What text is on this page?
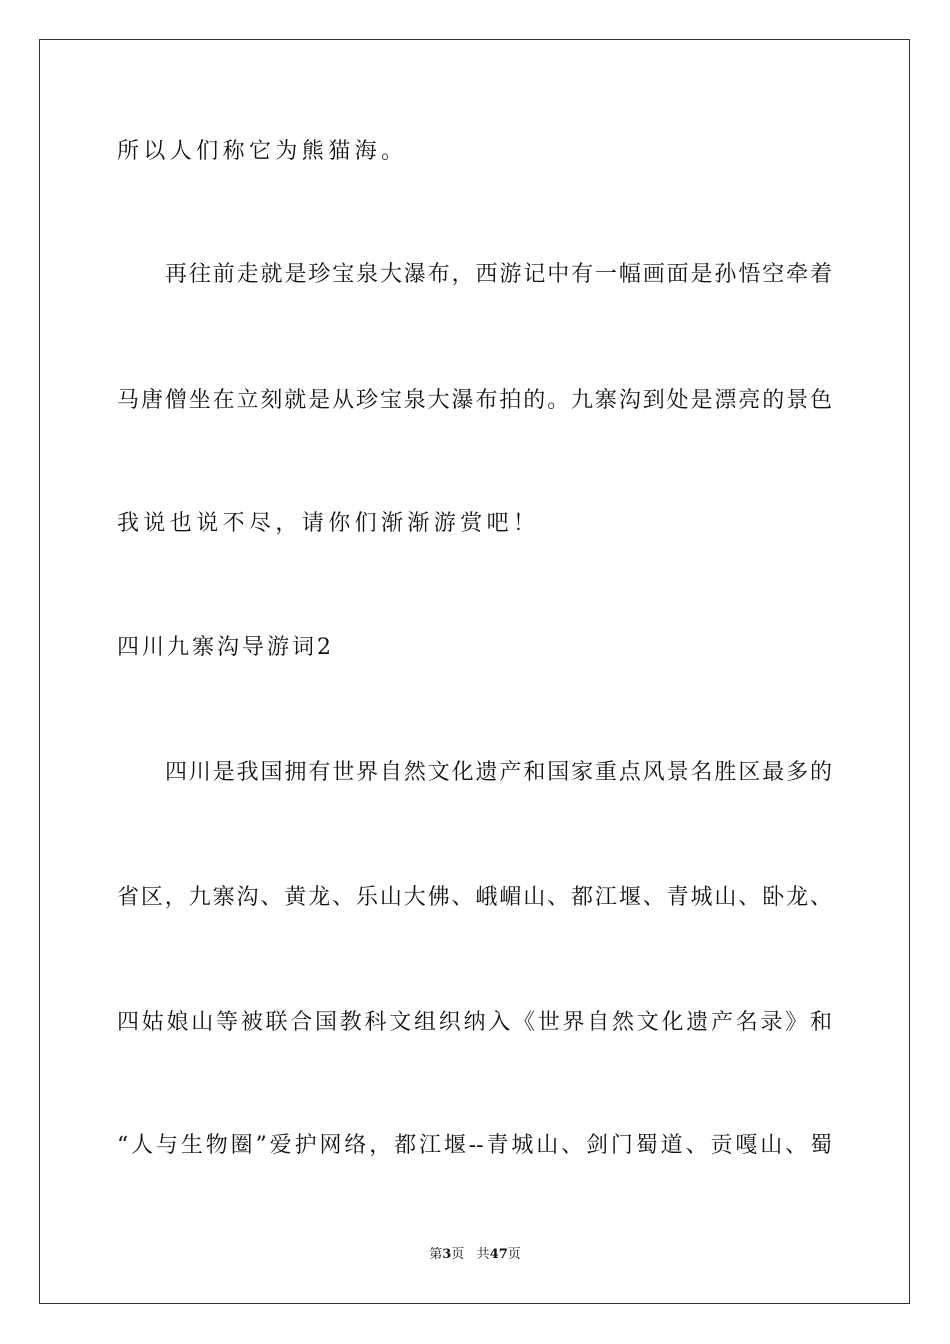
所以人们称它为熊猫海。
再往前走就是珍宝泉大瀑布，西游记中有一幅画面是孙悟空牵着
马唐僧坐在立刻就是从珍宝泉大瀑布拍的。九寨沟到处是漂亮的景色
我说也说不尽，请你们渐渐游赏吧！
四川九寨沟导游词2
四川是我国拥有世界自然文化遗产和国家重点风景名胜区最多的
省区，九寨沟、黄龙、乐山大佛、峨嵋山、都江堰、青城山、卧龙、
四姑娘山等被联合国教科文组织纳入《世界自然文化遗产名录》和
“人与生物圈”爱护网络，都江堰--青城山、剑门蜀道、贡嘎山、蜀
第3页 共47页
